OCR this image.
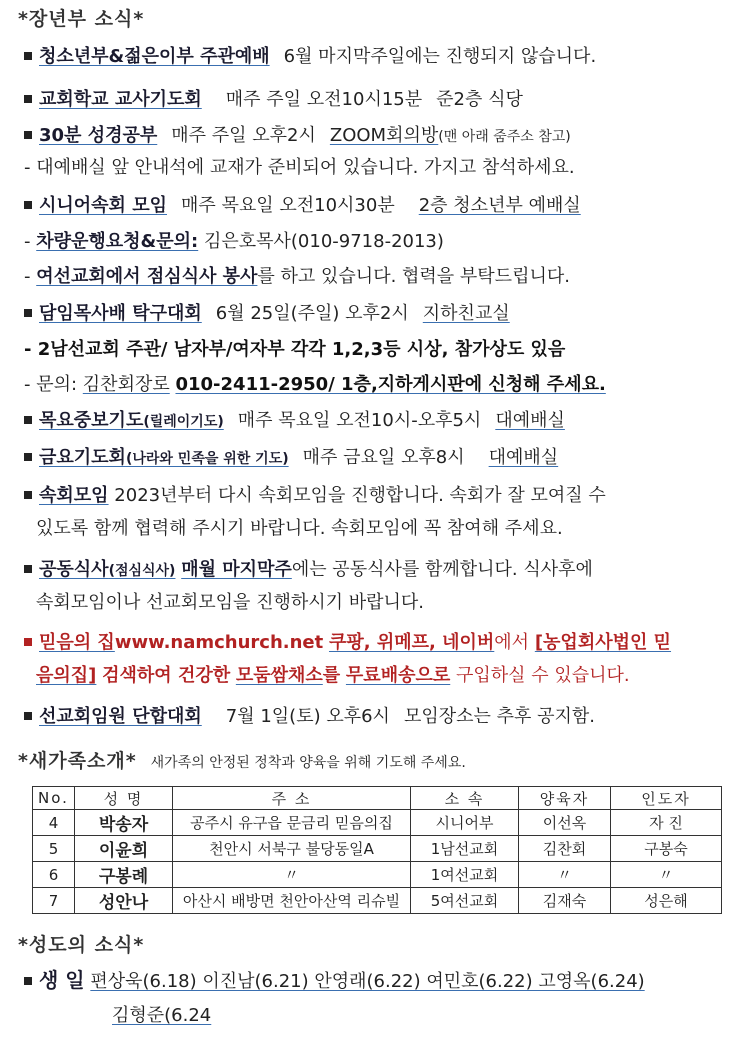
*장년부 소식*
청소년부&젊은이부 주관예배 6월 마지막주일에는 진행되지 않습니다.
교회학교 교사기도회 매주 주일 오전10시15분 준2층 식당
30분 성경공부 매주 주일 오후2시 ZOOM회의방(맨 아래 줌주소 참고)
- 대예배실 앞 안내석에 교재가 준비되어 있습니다. 가지고 참석하세요.
시니어속회 모임 매주 목요일 오전10시30분 2층 청소년부 예배실
- 차량운행요청&문의: 김은호목사(010-9718-2013)
- 여선교회에서 점심식사 봉사를 하고 있습니다. 협력을 부탁드립니다.
담임목사배 탁구대회 6월 25일(주일) 오후2시 지하친교실
- 2남선교회 주관/ 남자부/여자부 각각 1,2,3등 시상, 참가상도 있음
- 문의: 김찬회장로 010-2411-2950/ 1층,지하게시판에 신청해 주세요.
목요중보기도(릴레이기도) 매주 목요일 오전10시-오후5시 대예배실
금요기도회(나라와 민족을 위한 기도) 매주 금요일 오후8시 대예배실
속회모임 2023년부터 다시 속회모임을 진행합니다. 속회가 잘 모여질 수
있도록 함께 협력해 주시기 바랍니다. 속회모임에 꼭 참여해 주세요.
공동식사(점심식사) 매월 마지막주에는 공동식사를 함께합니다. 식사후에
속회모임이나 선교회모임을 진행하시기 바랍니다.
믿음의 집www.namchurch.net 쿠팡, 위메프, 네이버에서 [농업회사법인 믿
음의집] 검색하여 건강한 모둠쌈채소를 무료배송으로 구입하실 수 있습니다.
선교회임원 단합대회 7월 1일(토) 오후6시 모임장소는 추후 공지함.
*새가족소개* 새가족의 안정된 정착과 양육을 위해 기도해 주세요.
No.	성 명	주 소	소 속	양육자	인도자
4	박송자	공주시 유구읍 문금리 믿음의집	시니어부	이선옥	자 진
5	이윤희	천안시 서북구 불당동일A	1남선교회	김찬회	구봉숙
6	구봉례	〃	1여선교회	〃	〃
7	성안나	아산시 배방면 천안아산역 리슈빌	5여선교회	김재숙	성은해
*성도의 소식*
생 일 편상욱(6.18) 이진남(6.21) 안영래(6.22) 여민호(6.22) 고영옥(6.24)
김형준(6.24
